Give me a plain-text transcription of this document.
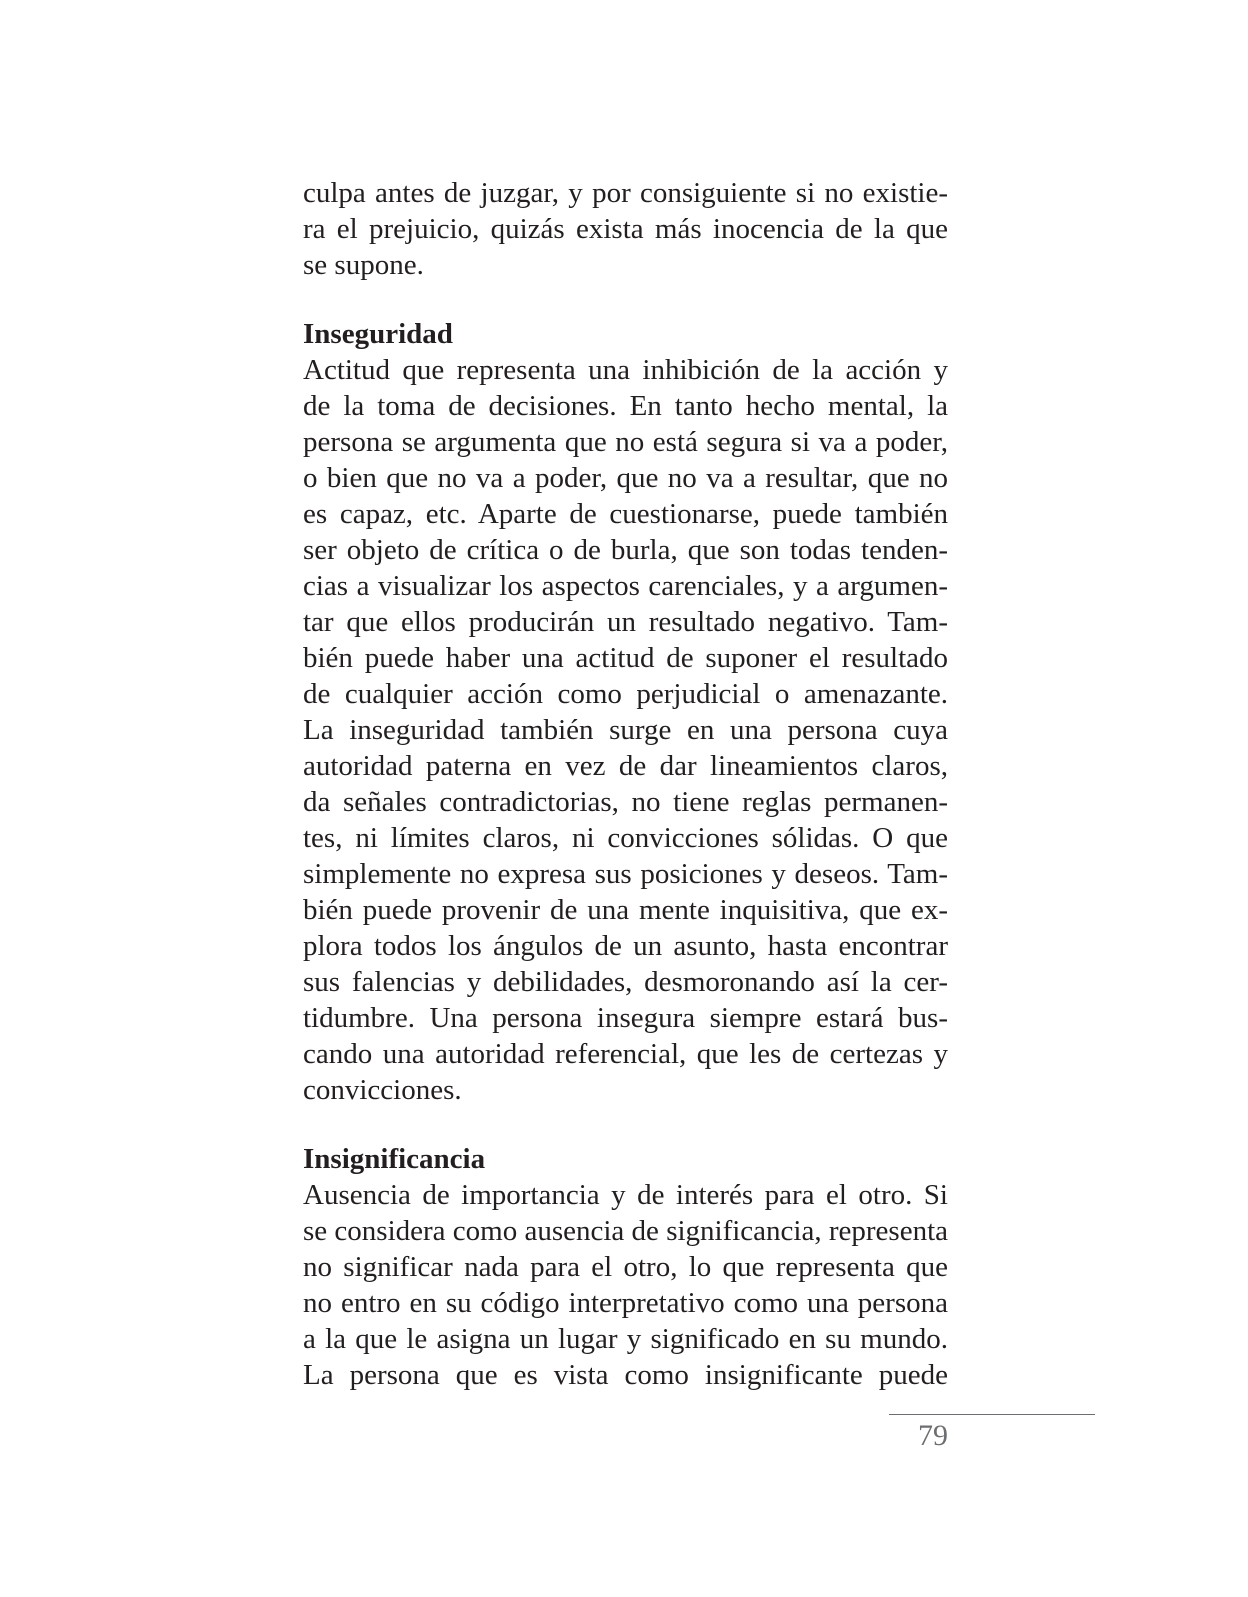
culpa antes de juzgar, y por consiguiente si no existie-
ra el prejuicio, quizás exista más inocencia de la que
se supone.
Inseguridad
Actitud que representa una inhibición de la acción y
de la toma de decisiones. En tanto hecho mental, la
persona se argumenta que no está segura si va a poder,
o bien que no va a poder, que no va a resultar, que no
es capaz, etc. Aparte de cuestionarse, puede también
ser objeto de crítica o de burla, que son todas tenden-
cias a visualizar los aspectos carenciales, y a argumen-
tar que ellos producirán un resultado negativo. Tam-
bién puede haber una actitud de suponer el resultado
de cualquier acción como perjudicial o amenazante.
La inseguridad también surge en una persona cuya
autoridad paterna en vez de dar lineamientos claros,
da señales contradictorias, no tiene reglas permanen-
tes, ni límites claros, ni convicciones sólidas. O que
simplemente no expresa sus posiciones y deseos. Tam-
bién puede provenir de una mente inquisitiva, que ex-
plora todos los ángulos de un asunto, hasta encontrar
sus falencias y debilidades, desmoronando así la cer-
tidumbre. Una persona insegura siempre estará bus-
cando una autoridad referencial, que les de certezas y
convicciones.
Insignificancia
Ausencia de importancia y de interés para el otro. Si
se considera como ausencia de significancia, representa
no significar nada para el otro, lo que representa que
no entro en su código interpretativo como una persona
a la que le asigna un lugar y significado en su mundo.
La persona que es vista como insignificante puede
79
